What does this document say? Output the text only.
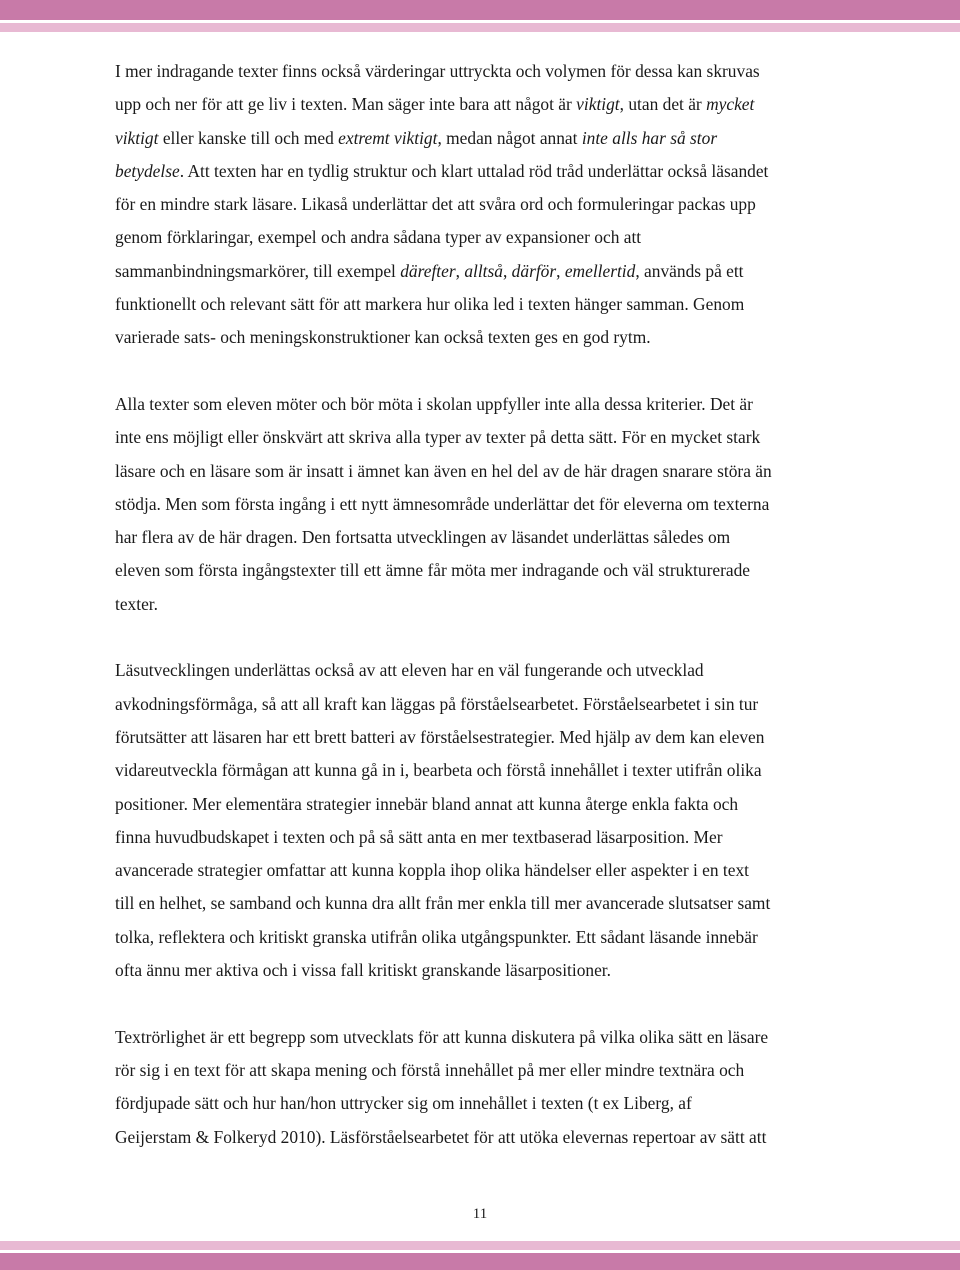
I mer indragande texter finns också värderingar uttryckta och volymen för dessa kan skruvas
upp och ner för att ge liv i texten. Man säger inte bara att något är viktigt, utan det är mycket
viktigt eller kanske till och med extremt viktigt, medan något annat inte alls har så stor
betydelse. Att texten har en tydlig struktur och klart uttalad röd tråd underlättar också läsandet
för en mindre stark läsare. Likaså underlättar det att svåra ord och formuleringar packas upp
genom förklaringar, exempel och andra sådana typer av expansioner och att
sammanbindningsmarkörer, till exempel därefter, alltså, därför, emellertid, används på ett
funktionellt och relevant sätt för att markera hur olika led i texten hänger samman. Genom
varierade sats- och meningskonstruktioner kan också texten ges en god rytm.
Alla texter som eleven möter och bör möta i skolan uppfyller inte alla dessa kriterier. Det är
inte ens möjligt eller önskvärt att skriva alla typer av texter på detta sätt. För en mycket stark
läsare och en läsare som är insatt i ämnet kan även en hel del av de här dragen snarare störa än
stödja. Men som första ingång i ett nytt ämnesområde underlättar det för eleverna om texterna
har flera av de här dragen. Den fortsatta utvecklingen av läsandet underlättas således om
eleven som första ingångstexter till ett ämne får möta mer indragande och väl strukturerade
texter.
Läsutvecklingen underlättas också av att eleven har en väl fungerande och utvecklad
avkodningsförmåga, så att all kraft kan läggas på förståelsearbetet. Förståelsearbetet i sin tur
förutsätter att läsaren har ett brett batteri av förståelsestrategier. Med hjälp av dem kan eleven
vidareutveckla förmågan att kunna gå in i, bearbeta och förstå innehållet i texter utifrån olika
positioner. Mer elementära strategier innebär bland annat att kunna återge enkla fakta och
finna huvudbudskapet i texten och på så sätt anta en mer textbaserad läsarposition. Mer
avancerade strategier omfattar att kunna koppla ihop olika händelser eller aspekter i en text
till en helhet, se samband och kunna dra allt från mer enkla till mer avancerade slutsatser samt
tolka, reflektera och kritiskt granska utifrån olika utgångspunkter. Ett sådant läsande innebär
ofta ännu mer aktiva och i vissa fall kritiskt granskande läsarpositioner.
Textrörlighet är ett begrepp som utvecklats för att kunna diskutera på vilka olika sätt en läsare
rör sig i en text för att skapa mening och förstå innehållet på mer eller mindre textnära och
fördjupade sätt och hur han/hon uttrycker sig om innehållet i texten (t ex Liberg, af
Geijerstam & Folkeryd 2010). Läsförståelsearbetet för att utöka elevernas repertoar av sätt att
11
